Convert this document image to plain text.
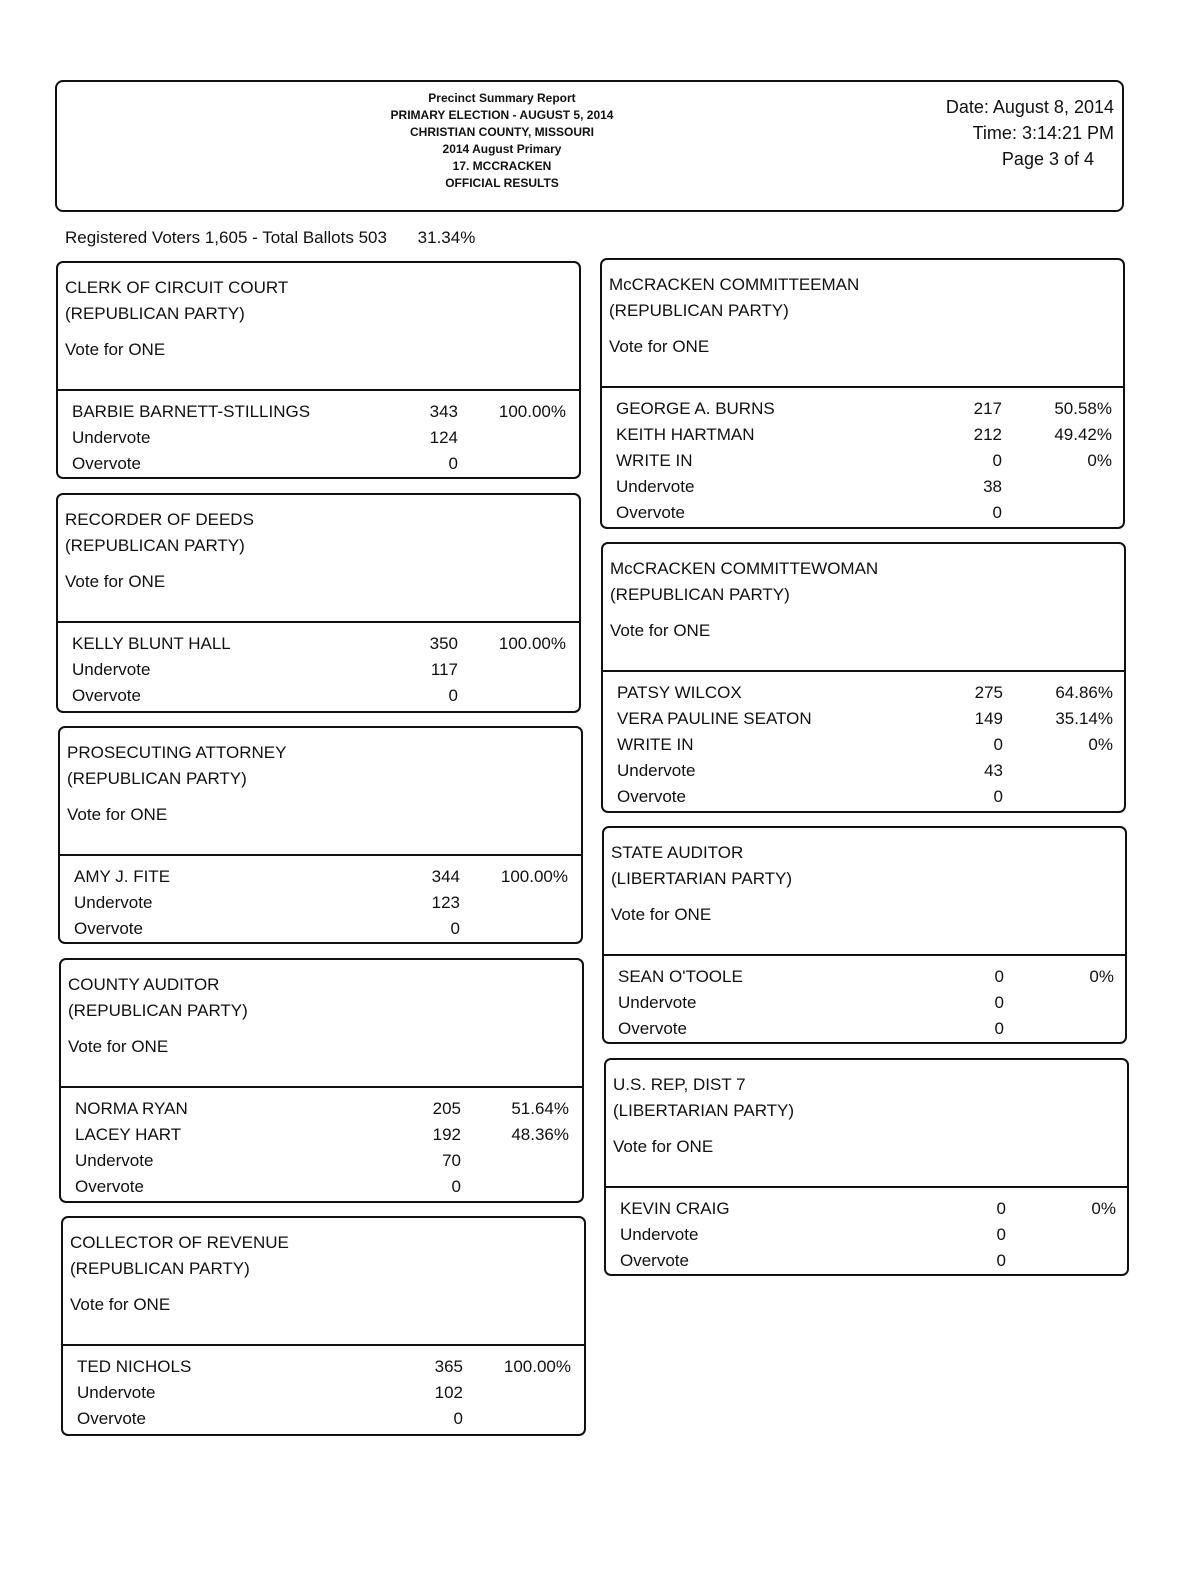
Precinct Summary Report
PRIMARY ELECTION - AUGUST 5, 2014
CHRISTIAN COUNTY, MISSOURI
2014 August Primary
17. MCCRACKEN
OFFICIAL RESULTS
Date: August 8, 2014
Time: 3:14:21 PM
Page 3 of 4
Registered Voters 1,605 - Total Ballots 503 31.34%
CLERK OF CIRCUIT COURT
(REPUBLICAN PARTY)
Vote for ONE
BARBIE BARNETT-STILLINGS	343	100.00%
Undervote	124
Overvote	0
RECORDER OF DEEDS
(REPUBLICAN PARTY)
Vote for ONE
KELLY BLUNT HALL	350	100.00%
Undervote	117
Overvote	0
PROSECUTING ATTORNEY
(REPUBLICAN PARTY)
Vote for ONE
AMY J. FITE	344	100.00%
Undervote	123
Overvote	0
COUNTY AUDITOR
(REPUBLICAN PARTY)
Vote for ONE
NORMA RYAN	205	51.64%
LACEY HART	192	48.36%
Undervote	70
Overvote	0
COLLECTOR OF REVENUE
(REPUBLICAN PARTY)
Vote for ONE
TED NICHOLS	365	100.00%
Undervote	102
Overvote	0
McCRACKEN COMMITTEEMAN
(REPUBLICAN PARTY)
Vote for ONE
GEORGE A. BURNS	217	50.58%
KEITH HARTMAN	212	49.42%
WRITE IN	0	0%
Undervote	38
Overvote	0
McCRACKEN COMMITTEWOMAN
(REPUBLICAN PARTY)
Vote for ONE
PATSY WILCOX	275	64.86%
VERA PAULINE SEATON	149	35.14%
WRITE IN	0	0%
Undervote	43
Overvote	0
STATE AUDITOR
(LIBERTARIAN PARTY)
Vote for ONE
SEAN O'TOOLE	0	0%
Undervote	0
Overvote	0
U.S. REP, DIST 7
(LIBERTARIAN PARTY)
Vote for ONE
KEVIN CRAIG	0	0%
Undervote	0
Overvote	0
